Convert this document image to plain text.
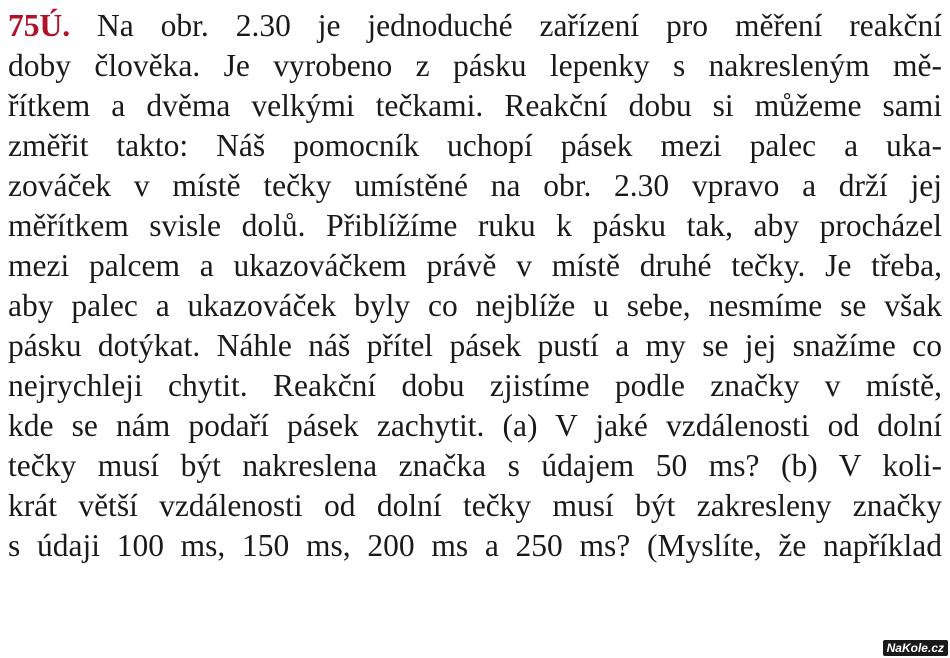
75Ú. Na obr. 2.30 je jednoduché zařízení pro měření reakční
doby člověka. Je vyrobeno z pásku lepenky s nakresleným mě-
řítkem a dvěma velkými tečkami. Reakční dobu si můžeme sami
změřit takto: Náš pomocník uchopí pásek mezi palec a uka-
zováček v místě tečky umístěné na obr. 2.30 vpravo a drží jej
měřítkem svisle dolů. Přiblížíme ruku k pásku tak, aby procházel
mezi palcem a ukazováčkem právě v místě druhé tečky. Je třeba,
aby palec a ukazováček byly co nejblíže u sebe, nesmíme se však
pásku dotýkat. Náhle náš přítel pásek pustí a my se jej snažíme co
nejrychleji chytit. Reakční dobu zjistíme podle značky v místě,
kde se nám podaří pásek zachytit. (a) V jaké vzdálenosti od dolní
tečky musí být nakreslena značka s údajem 50 ms? (b) V koli-
krát větší vzdálenosti od dolní tečky musí být zakresleny značky
s údaji 100 ms, 150 ms, 200 ms a 250 ms? (Myslíte, že například
NaKole.cz
